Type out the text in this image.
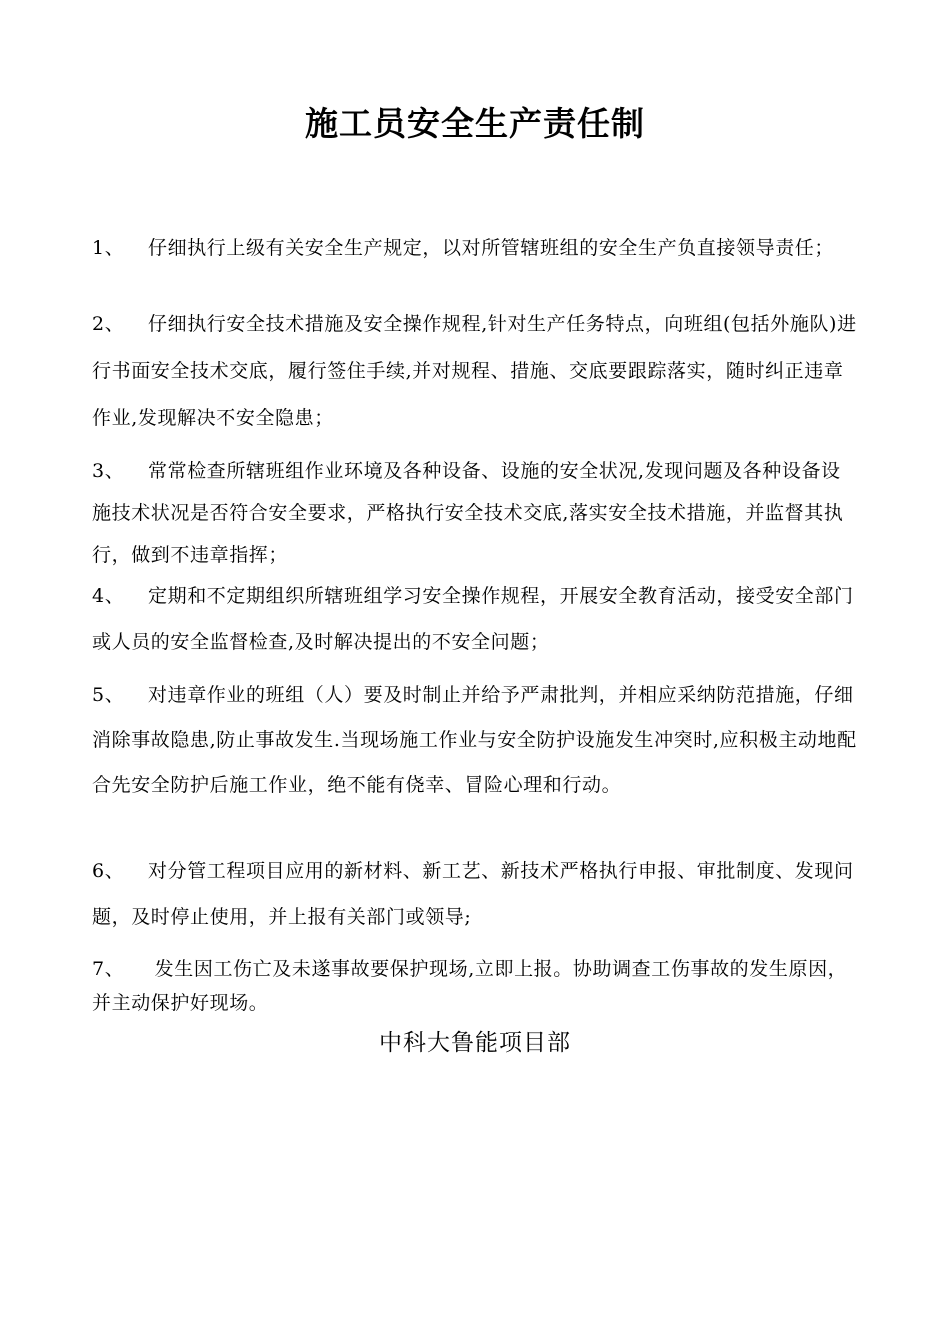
施工员安全生产责任制
1、 仔细执行上级有关安全生产规定，以对所管辖班组的安全生产负直接领导责任；
2、 仔细执行安全技术措施及安全操作规程,针对生产任务特点，向班组(包括外施队)进行书面安全技术交底，履行签住手续,并对规程、措施、交底要跟踪落实，随时纠正违章作业,发现解决不安全隐患；
3、 常常检查所辖班组作业环境及各种设备、设施的安全状况,发现问题及各种设备设施技术状况是否符合安全要求，严格执行安全技术交底,落实安全技术措施，并监督其执行，做到不违章指挥；
4、 定期和不定期组织所辖班组学习安全操作规程，开展安全教育活动，接受安全部门或人员的安全监督检查,及时解决提出的不安全问题；
5、 对违章作业的班组（人）要及时制止并给予严肃批判，并相应采纳防范措施，仔细消除事故隐患,防止事故发生.当现场施工作业与安全防护设施发生冲突时,应积极主动地配合先安全防护后施工作业，绝不能有侥幸、冒险心理和行动。
6、 对分管工程项目应用的新材料、新工艺、新技术严格执行申报、审批制度、发现问题，及时停止使用，并上报有关部门或领导;
7、 发生因工伤亡及未遂事故要保护现场,立即上报。协助调查工伤事故的发生原因，并主动保护好现场。
中科大鲁能项目部
